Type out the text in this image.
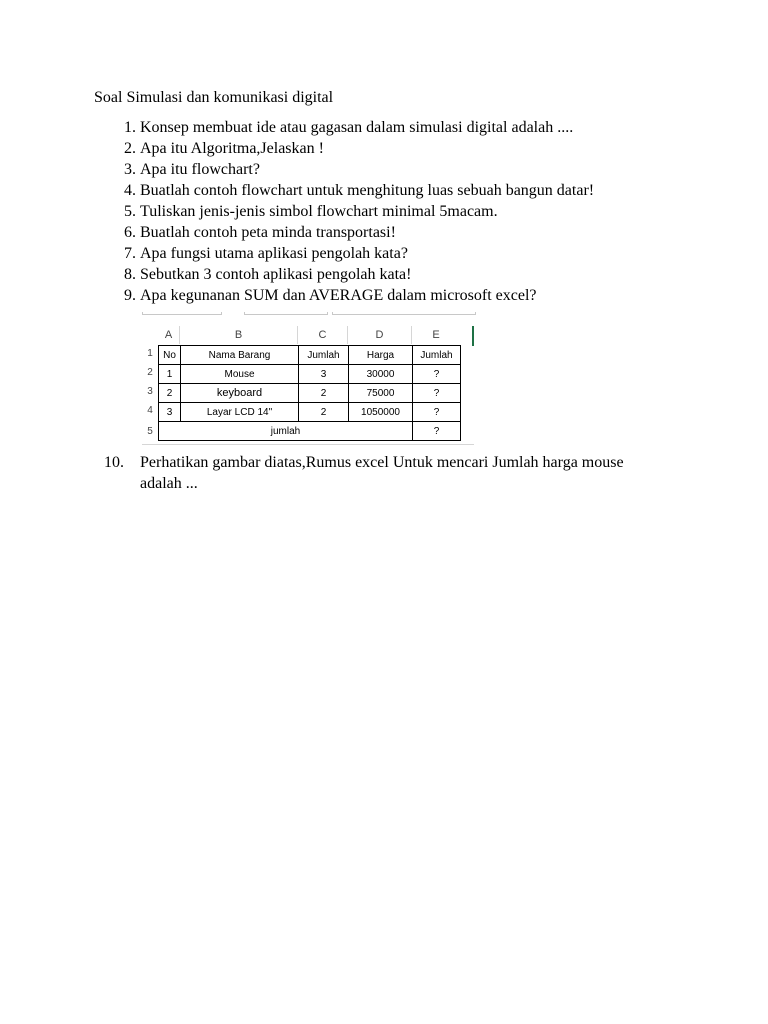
Soal Simulasi dan komunikasi digital
1. Konsep membuat ide atau gagasan dalam simulasi digital adalah ....
2. Apa itu Algoritma,Jelaskan !
3. Apa itu flowchart?
4. Buatlah contoh flowchart untuk menghitung luas sebuah bangun datar!
5. Tuliskan jenis-jenis simbol flowchart minimal 5macam.
6. Buatlah contoh peta minda transportasi!
7. Apa fungsi utama aplikasi pengolah kata?
8. Sebutkan 3 contoh aplikasi pengolah kata!
9. Apa kegunanan SUM dan AVERAGE dalam microsoft excel?
A	B	C	D	E
1
2
3
4
5
No	Nama Barang	Jumlah	Harga	Jumlah
1	Mouse	3	30000	?
2	keyboard	2	75000	?
3	Layar LCD 14"	2	1050000	?
jumlah				?
10. Perhatikan gambar diatas,Rumus excel Untuk mencari Jumlah harga mouse adalah ...
